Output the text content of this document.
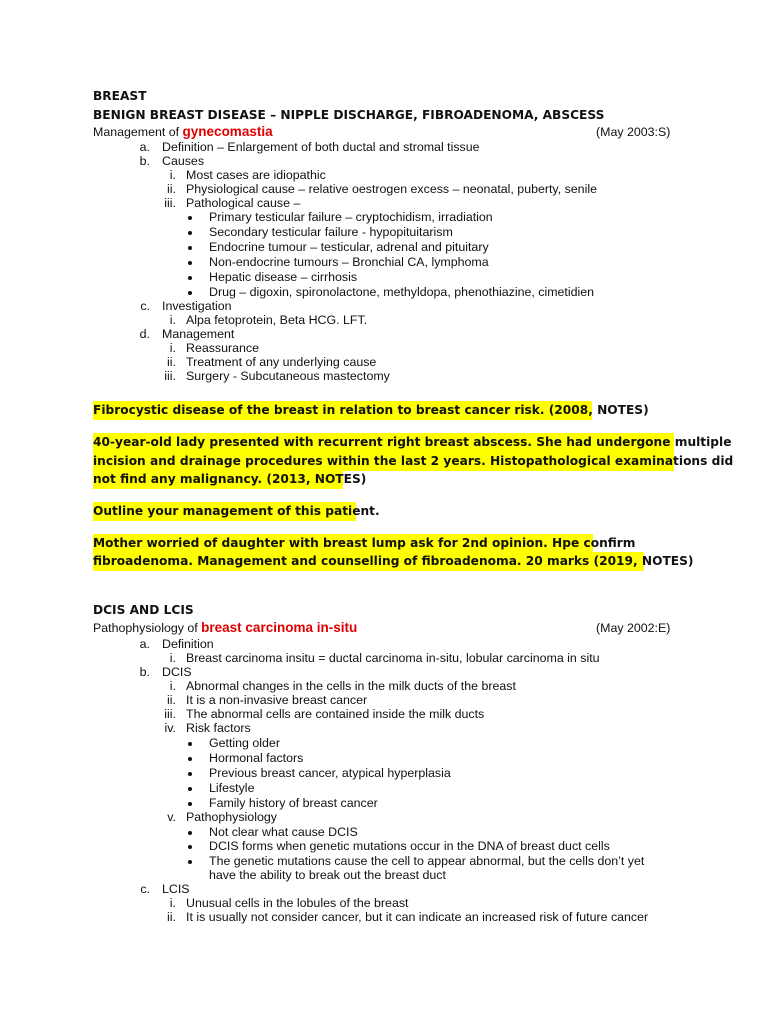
BREAST
BENIGN BREAST DISEASE – NIPPLE DISCHARGE, FIBROADENOMA, ABSCESS
Management of gynecomastia	(May 2003:S)
a. Definition – Enlargement of both ductal and stromal tissue
b. Causes
i. Most cases are idiopathic
ii. Physiological cause – relative oestrogen excess – neonatal, puberty, senile
iii. Pathological cause –
Primary testicular failure – cryptochidism, irradiation
Secondary testicular failure - hypopituitarism
Endocrine tumour – testicular, adrenal and pituitary
Non-endocrine tumours – Bronchial CA, lymphoma
Hepatic disease – cirrhosis
Drug – digoxin, spironolactone, methyldopa, phenothiazine, cimetidien
c. Investigation
i. Alpa fetoprotein, Beta HCG. LFT.
d. Management
i. Reassurance
ii. Treatment of any underlying cause
iii. Surgery - Subcutaneous mastectomy
Fibrocystic disease of the breast in relation to breast cancer risk. (2008, NOTES)
40-year-old lady presented with recurrent right breast abscess. She had undergone multiple
incision and drainage procedures within the last 2 years. Histopathological examinations did
not find any malignancy. (2013, NOTES)
Outline your management of this patient.
Mother worried of daughter with breast lump ask for 2nd opinion. Hpe confirm
fibroadenoma. Management and counselling of fibroadenoma. 20 marks (2019, NOTES)
DCIS AND LCIS
Pathophysiology of breast carcinoma in-situ	(May 2002:E)
a. Definition
i. Breast carcinoma insitu = ductal carcinoma in-situ, lobular carcinoma in situ
b. DCIS
i. Abnormal changes in the cells in the milk ducts of the breast
ii. It is a non-invasive breast cancer
iii. The abnormal cells are contained inside the milk ducts
iv. Risk factors
Getting older
Hormonal factors
Previous breast cancer, atypical hyperplasia
Lifestyle
Family history of breast cancer
v. Pathophysiology
Not clear what cause DCIS
DCIS forms when genetic mutations occur in the DNA of breast duct cells
The genetic mutations cause the cell to appear abnormal, but the cells don’t yet
have the ability to break out the breast duct
c. LCIS
i. Unusual cells in the lobules of the breast
ii. It is usually not consider cancer, but it can indicate an increased risk of future cancer
